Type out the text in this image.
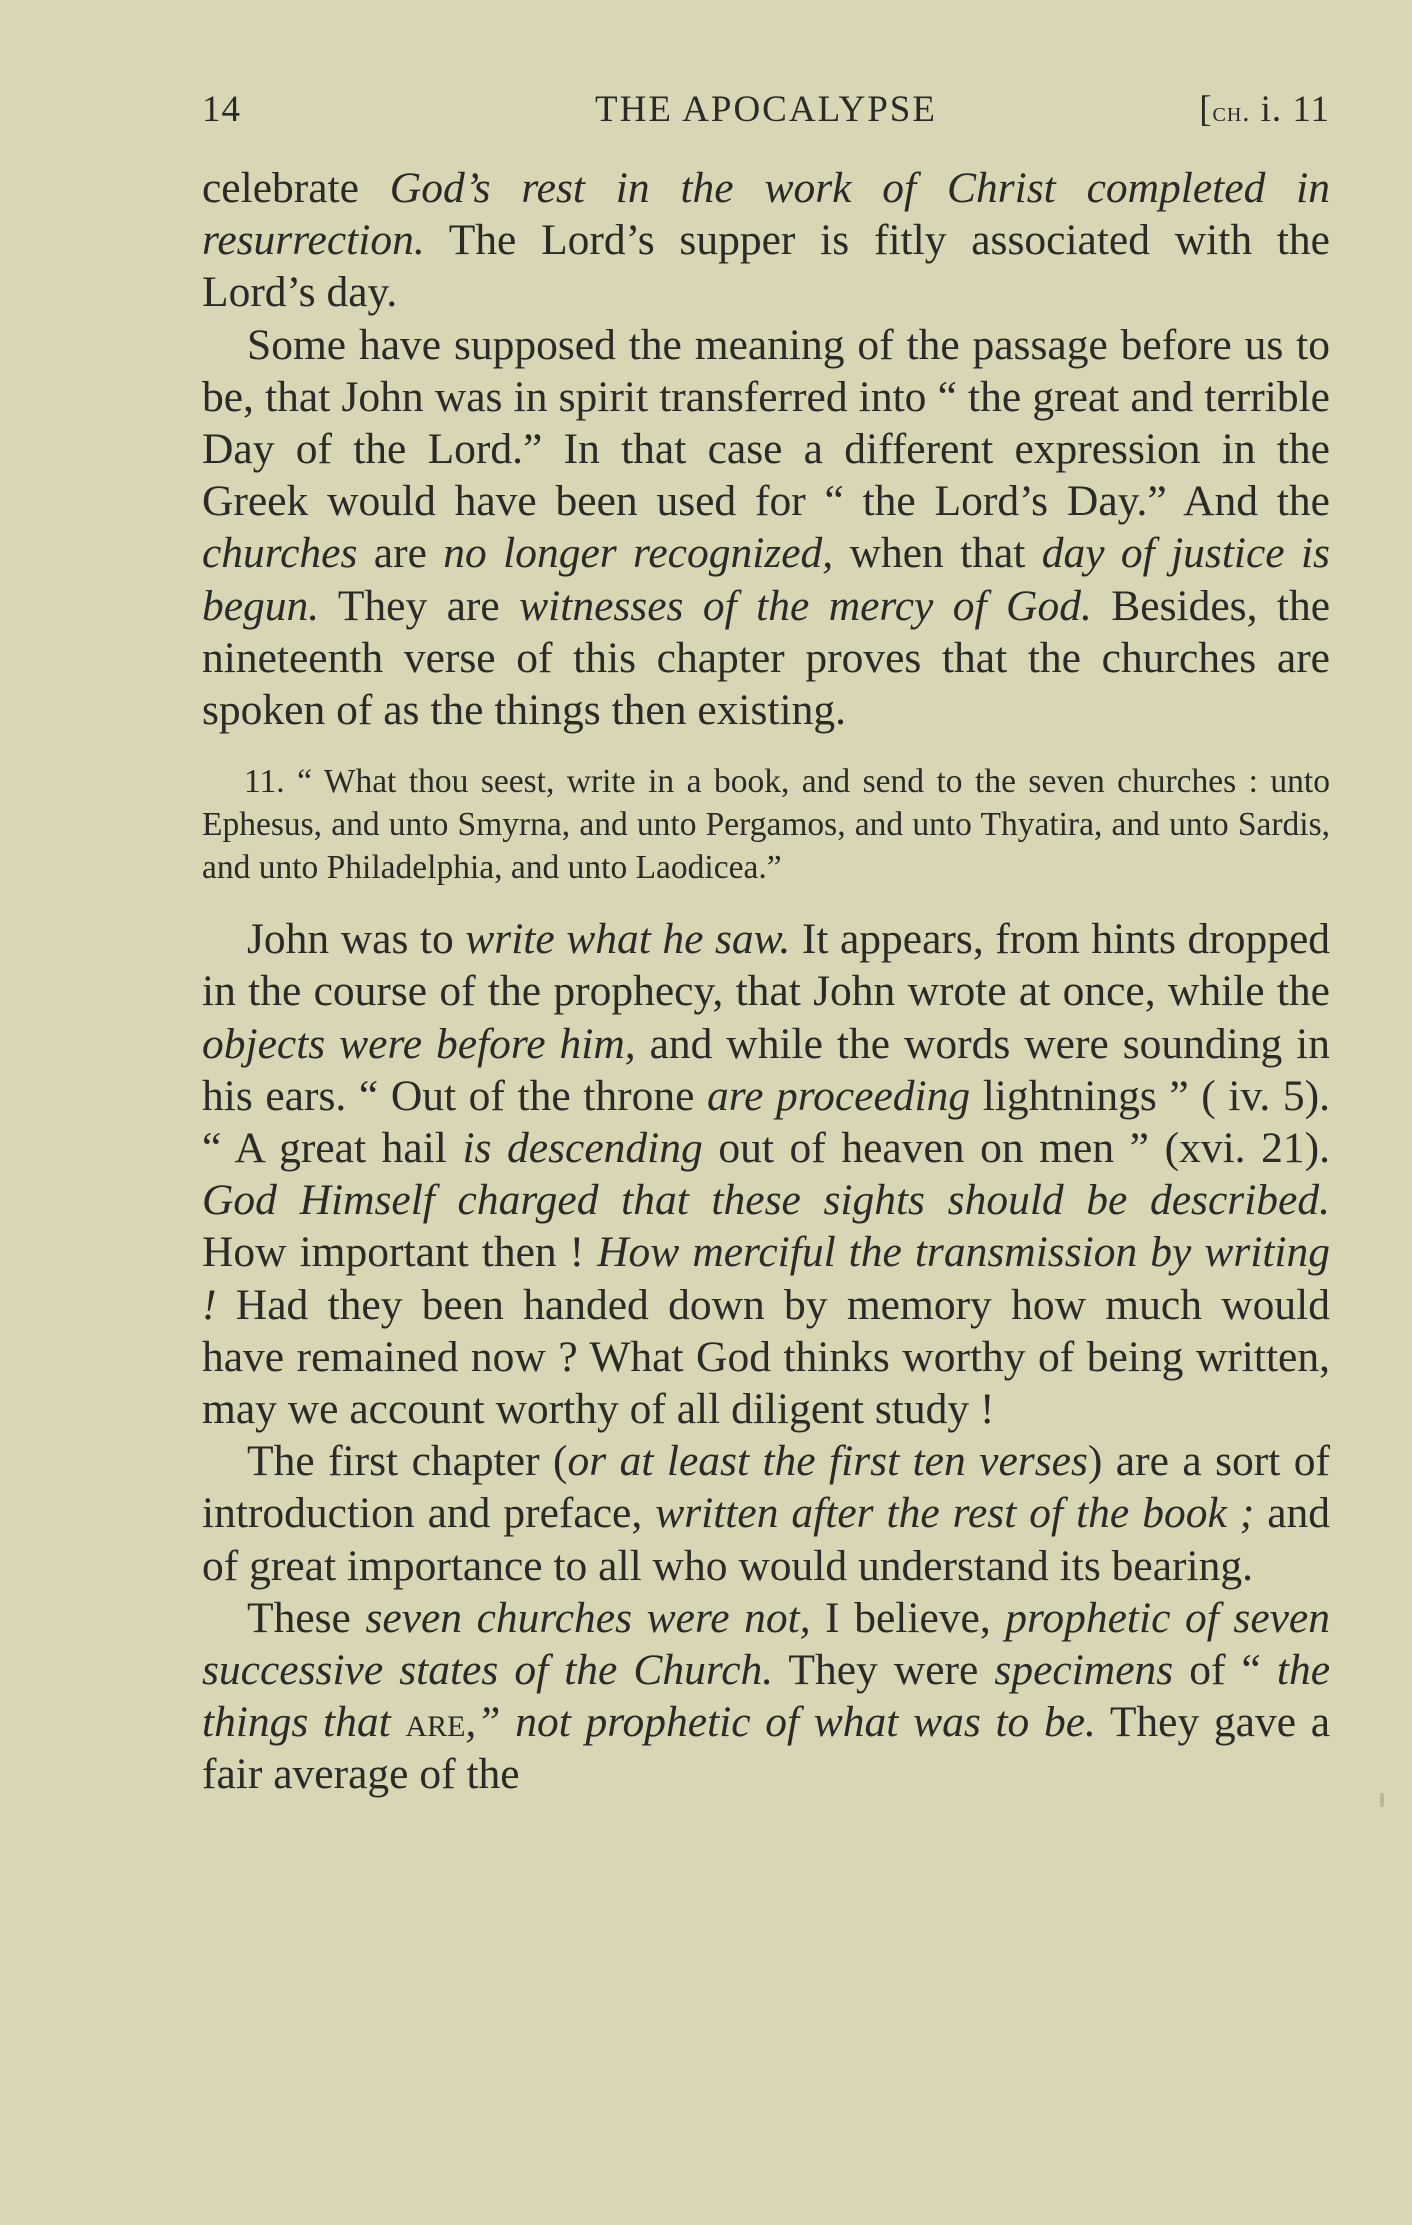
14	THE APOCALYPSE	[ch. i. 11

celebrate God’s rest in the work of Christ completed in resurrection. The Lord’s supper is fitly associated with the Lord’s day.

Some have supposed the meaning of the passage before us to be, that John was in spirit transferred into “ the great and terrible Day of the Lord.” In that case a different expression in the Greek would have been used for “ the Lord’s Day.” And the churches are no longer recognized, when that day of justice is begun. They are witnesses of the mercy of God. Besides, the nineteenth verse of this chapter proves that the churches are spoken of as the things then existing.

11. “ What thou seest, write in a book, and send to the seven churches : unto Ephesus, and unto Smyrna, and unto Pergamos, and unto Thyatira, and unto Sardis, and unto Philadelphia, and unto Laodicea.”

John was to write what he saw. It appears, from hints dropped in the course of the prophecy, that John wrote at once, while the objects were before him, and while the words were sounding in his ears. “ Out of the throne are proceeding lightnings ” ( iv. 5). “ A great hail is descending out of heaven on men ” (xvi. 21). God Himself charged that these sights should be described. How important then ! How merciful the transmission by writing ! Had they been handed down by memory how much would have remained now ? What God thinks worthy of being written, may we account worthy of all diligent study !

The first chapter (or at least the first ten verses) are a sort of introduction and preface, written after the rest of the book ; and of great importance to all who would understand its bearing.

These seven churches were not, I believe, prophetic of seven successive states of the Church. They were specimens of “ the things that are,” not prophetic of what was to be. They gave a fair average of the
